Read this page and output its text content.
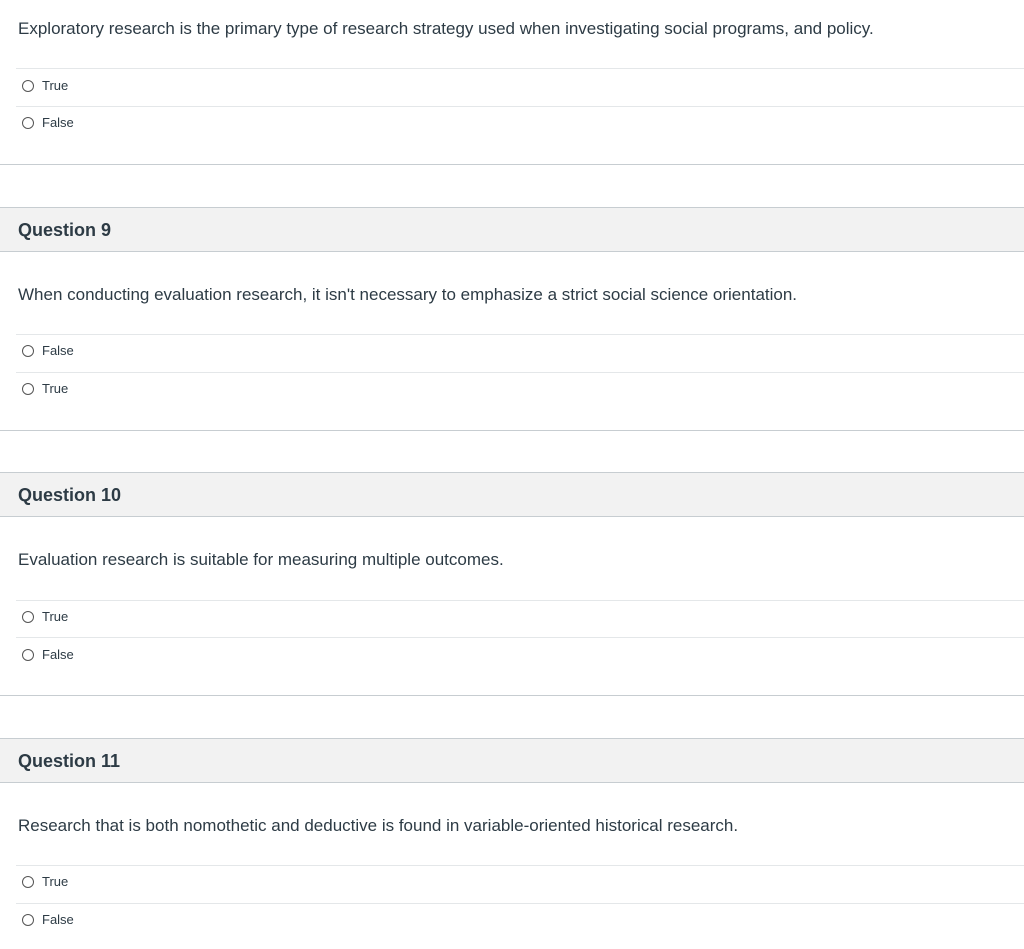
Exploratory research is the primary type of research strategy used when investigating social programs, and policy.
True
False
Question 9
When conducting evaluation research, it isn't necessary to emphasize a strict social science orientation.
False
True
Question 10
Evaluation research is suitable for measuring multiple outcomes.
True
False
Question 11
Research that is both nomothetic and deductive is found in variable-oriented historical research.
True
False
